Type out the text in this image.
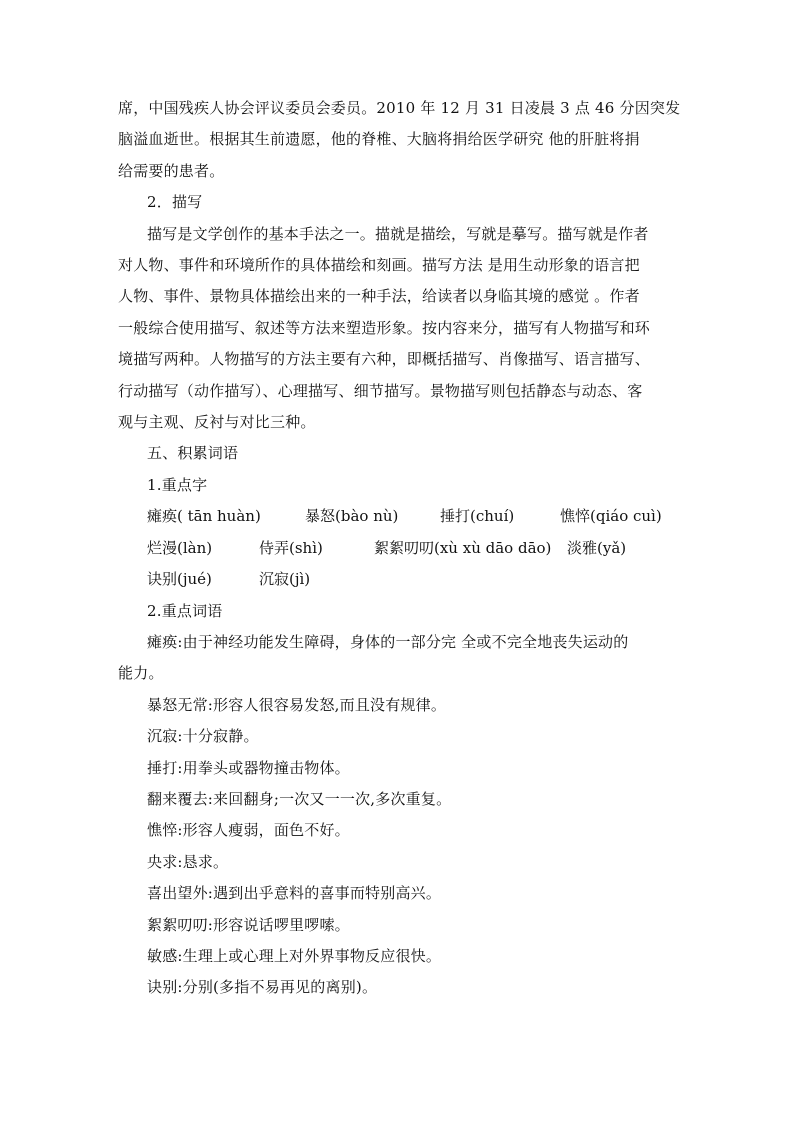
席，中国残疾人协会评议委员会委员。2010 年 12 月 31 日凌晨 3 点 46 分因突发
脑溢血逝世。根据其生前遗愿，他的脊椎、大脑将捐给医学研究 他的肝脏将捐
给需要的患者。
2．描写
描写是文学创作的基本手法之一。描就是描绘，写就是摹写。描写就是作者
对人物、事件和环境所作的具体描绘和刻画。描写方法 是用生动形象的语言把
人物、事件、景物具体描绘出来的一种手法，给读者以身临其境的感觉 。作者
一般综合使用描写、叙述等方法来塑造形象。按内容来分，描写有人物描写和环
境描写两种。人物描写的方法主要有六种，即概括描写、肖像描写、语言描写、
行动描写（动作描写）、心理描写、细节描写。景物描写则包括静态与动态、客
观与主观、反衬与对比三种。
五、积累词语
1.重点字
瘫痪( tān huàn)	暴怒(bào nù)	捶打(chuí)	憔悴(qiáo cuì)
烂漫(làn)	侍弄(shì)	絮絮叨叨(xù xù dāo dāo)	淡雅(yǎ)
诀别(jué)	沉寂(jì)
2.重点词语
瘫痪:由于神经功能发生障碍，身体的一部分完 全或不完全地丧失运动的
能力。
暴怒无常:形容人很容易发怒,而且没有规律。
沉寂:十分寂静。
捶打:用拳头或器物撞击物体。
翻来覆去:来回翻身;一次又一一次,多次重复。
憔悴:形容人瘦弱，面色不好。
央求:恳求。
喜出望外:遇到出乎意料的喜事而特别高兴。
絮絮叨叨:形容说话啰里啰嗦。
敏感:生理上或心理上对外界事物反应很快。
诀别:分别(多指不易再见的离别)。
